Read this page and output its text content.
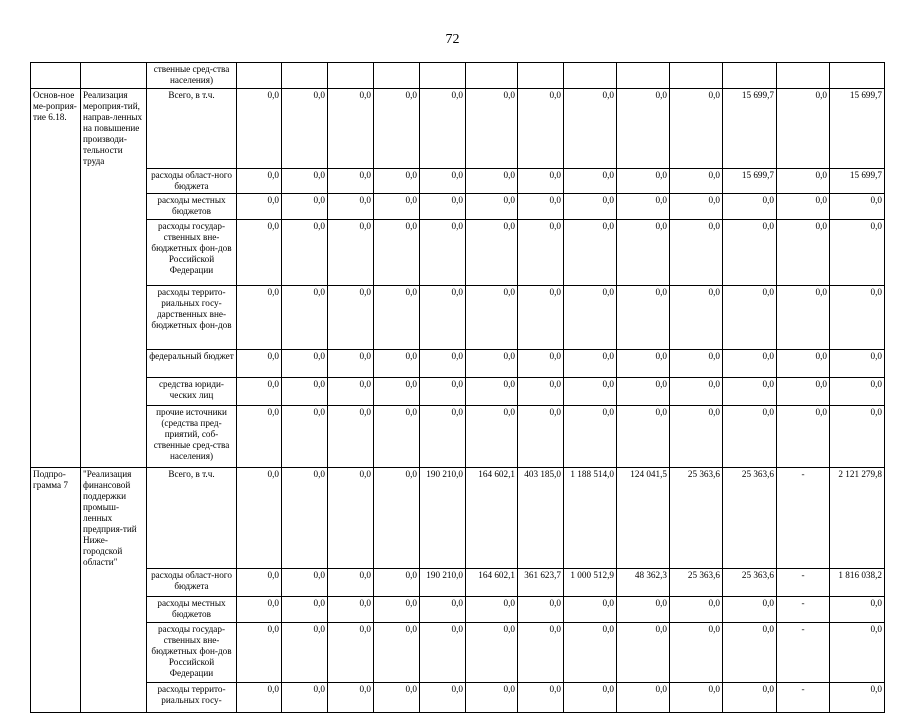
72
		ственные сред-ства населения)													
Основ-ное ме-роприя-тие 6.18.	Реализация мероприя-тий, направ-ленных на повышение производи-тельности труда	Всего, в т.ч.	0,0	0,0	0,0	0,0	0,0	0,0	0,0	0,0	0,0	0,0	15 699,7	0,0	15 699,7
		расходы област-ного бюджета	0,0	0,0	0,0	0,0	0,0	0,0	0,0	0,0	0,0	0,0	15 699,7	0,0	15 699,7
		расходы местных бюджетов	0,0	0,0	0,0	0,0	0,0	0,0	0,0	0,0	0,0	0,0	0,0	0,0	0,0
		расходы государ-ственных вне-бюджетных фон-дов Российской Федерации	0,0	0,0	0,0	0,0	0,0	0,0	0,0	0,0	0,0	0,0	0,0	0,0	0,0
		расходы террито-риальных госу-дарственных вне-бюджетных фон-дов	0,0	0,0	0,0	0,0	0,0	0,0	0,0	0,0	0,0	0,0	0,0	0,0	0,0
		федеральный бюджет	0,0	0,0	0,0	0,0	0,0	0,0	0,0	0,0	0,0	0,0	0,0	0,0	0,0
		средства юриди-ческих лиц	0,0	0,0	0,0	0,0	0,0	0,0	0,0	0,0	0,0	0,0	0,0	0,0	0,0
		прочие источники (средства пред-приятий, соб-ственные сред-ства населения)	0,0	0,0	0,0	0,0	0,0	0,0	0,0	0,0	0,0	0,0	0,0	0,0	0,0
Подпро-грамма 7	"Реализация финансовой поддержки промыш-ленных предприя-тий Ниже-городской области"	Всего, в т.ч.	0,0	0,0	0,0	0,0	190 210,0	164 602,1	403 185,0	1 188 514,0	124 041,5	25 363,6	25 363,6	-	2 121 279,8
		расходы област-ного бюджета	0,0	0,0	0,0	0,0	190 210,0	164 602,1	361 623,7	1 000 512,9	48 362,3	25 363,6	25 363,6	-	1 816 038,2
		расходы местных бюджетов	0,0	0,0	0,0	0,0	0,0	0,0	0,0	0,0	0,0	0,0	0,0	-	0,0
		расходы государ-ственных вне-бюджетных фон-дов Российской Федерации	0,0	0,0	0,0	0,0	0,0	0,0	0,0	0,0	0,0	0,0	0,0	-	0,0
		расходы террито-риальных госу-	0,0	0,0	0,0	0,0	0,0	0,0	0,0	0,0	0,0	0,0	0,0	-	0,0
